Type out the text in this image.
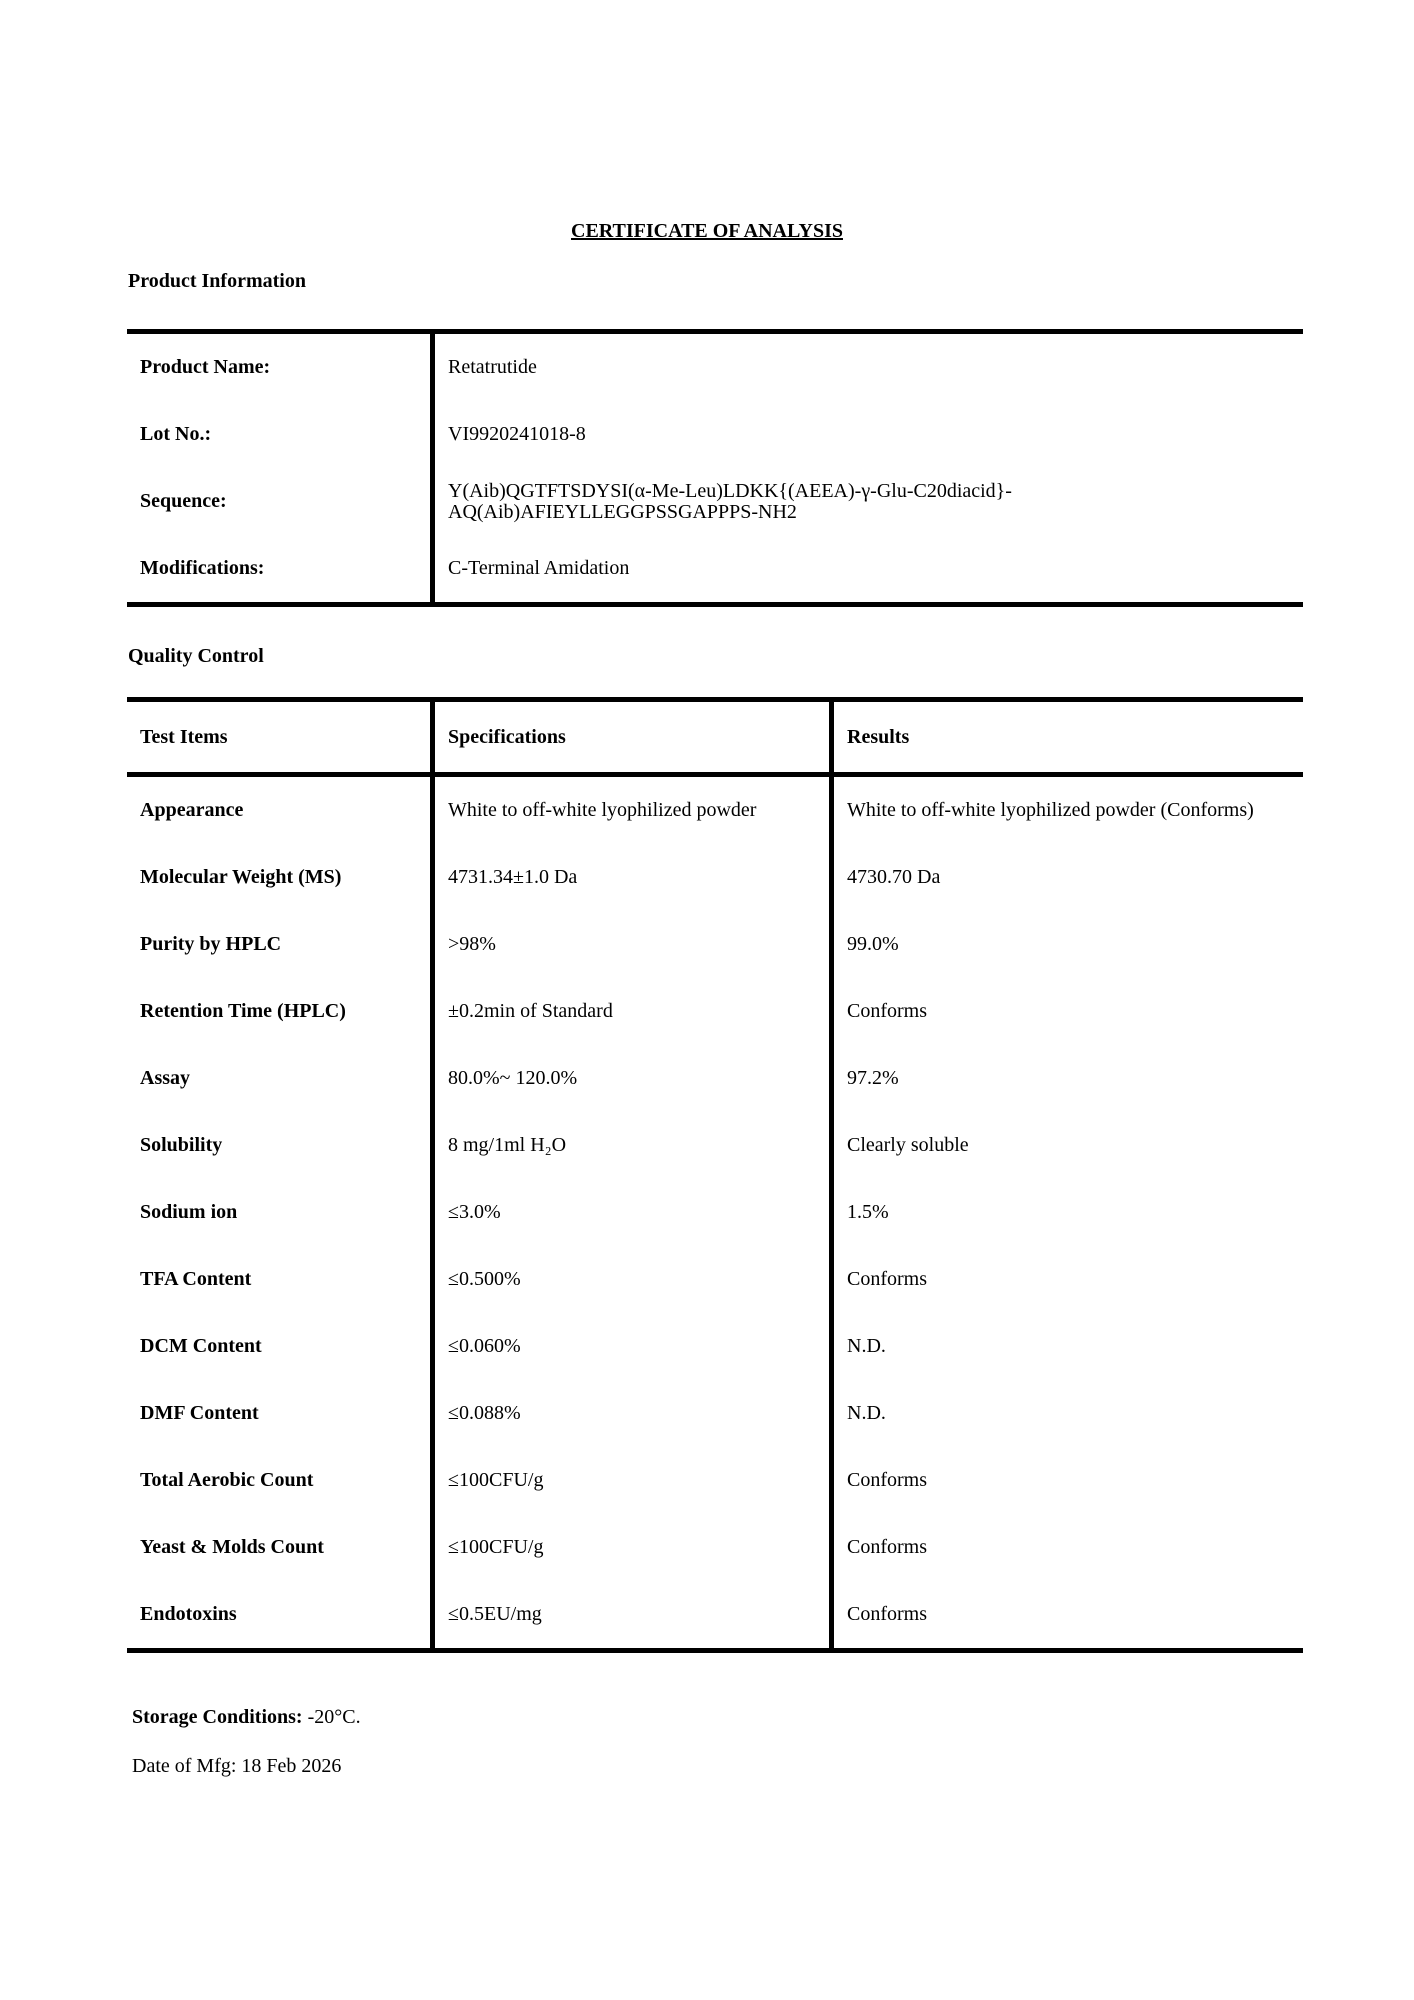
CERTIFICATE OF ANALYSIS
Product Information
Product Name:	Retatrutide
Lot No.:	VI9920241018-8
Sequence:	Y(Aib)QGTFTSDYSI(α-Me-Leu)LDKK{(AEEA)-γ-Glu-C20diacid}-
AQ(Aib)AFIEYLLEGGPSSGAPPPS-NH2
Modifications:	C-Terminal Amidation
Quality Control
Test Items	Specifications	Results
Appearance	White to off-white lyophilized powder	White to off-white lyophilized powder (Conforms)
Molecular Weight (MS)	4731.34±1.0 Da	4730.70 Da
Purity by HPLC	>98%	99.0%
Retention Time (HPLC)	±0.2min of Standard	Conforms
Assay	80.0%~ 120.0%	97.2%
Solubility	8 mg/1ml H₂O	Clearly soluble
Sodium ion	≤3.0%	1.5%
TFA Content	≤0.500%	Conforms
DCM Content	≤0.060%	N.D.
DMF Content	≤0.088%	N.D.
Total Aerobic Count	≤100CFU/g	Conforms
Yeast & Molds Count	≤100CFU/g	Conforms
Endotoxins	≤0.5EU/mg	Conforms
Storage Conditions: -20°C.
Date of Mfg: 18 Feb 2026
